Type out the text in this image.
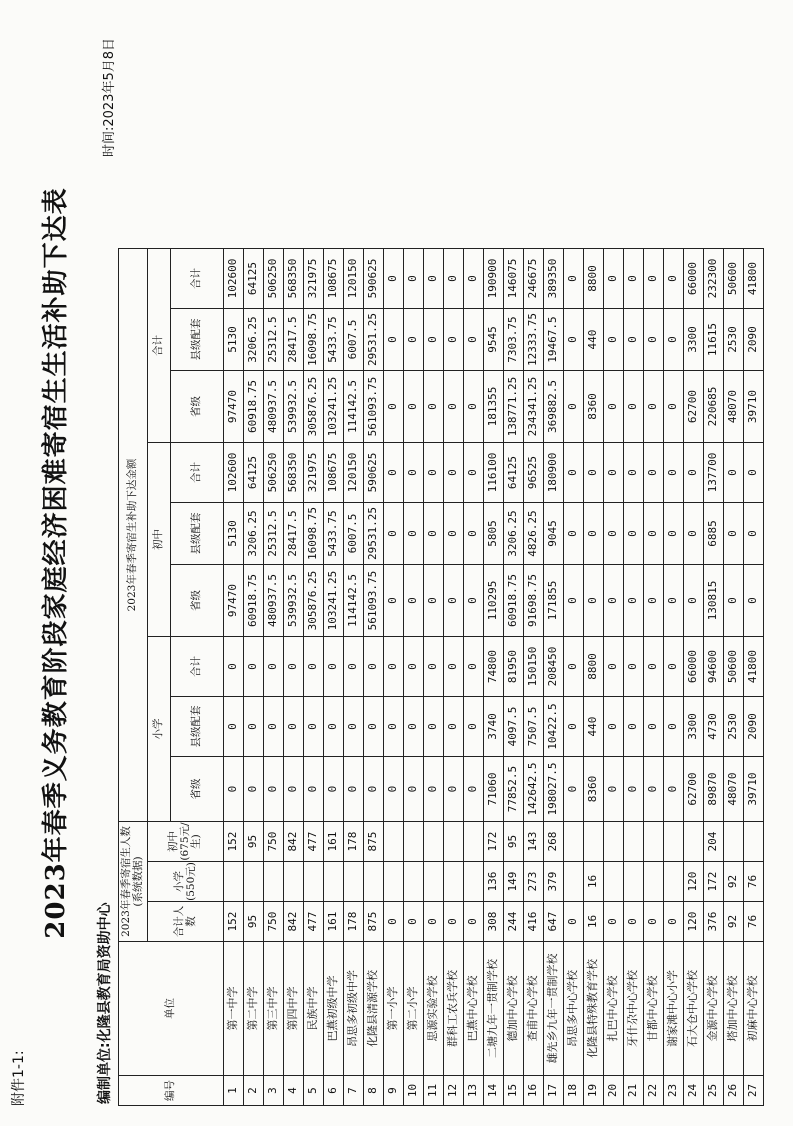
附件1-1:
2023年春季义务教育阶段家庭经济困难寄宿生生活补助下达表
编制单位:化隆县教育局资助中心
时间:2023年5月8日
编号	单位	2023年春季寄宿生人数(系统数据)			2023年春季寄宿生补助下达金额								
		合计人数	小学(550元)	初中(675元/生)	小学			初中			合计		
					省级	县级配套	合计	省级	县级配套	合计	省级	县级配套	合计
1	第一中学	152		152	0	0	0	97470	5130	102600	97470	5130	102600
2	第二中学	95		95	0	0	0	60918.75	3206.25	64125	60918.75	3206.25	64125
3	第三中学	750		750	0	0	0	480937.5	25312.5	506250	480937.5	25312.5	506250
4	第四中学	842		842	0	0	0	539932.5	28417.5	568350	539932.5	28417.5	568350
5	民族中学	477		477	0	0	0	305876.25	16098.75	321975	305876.25	16098.75	321975
6	巴燕初级中学	161		161	0	0	0	103241.25	5433.75	108675	103241.25	5433.75	108675
7	昂思多初级中学	178		178	0	0	0	114142.5	6007.5	120150	114142.5	6007.5	120150
8	化隆县清源学校	875		875	0	0	0	561093.75	29531.25	590625	561093.75	29531.25	590625
9	第一小学	0			0	0	0	0	0	0	0	0	0
10	第二小学	0			0	0	0	0	0	0	0	0	0
11	思源实验学校	0			0	0	0	0	0	0	0	0	0
12	群科工农兵学校	0			0	0	0	0	0	0	0	0	0
13	巴燕中心学校	0			0	0	0	0	0	0	0	0	0
14	二塘九年一贯制学校	308	136	172	71060	3740	74800	110295	5805	116100	181355	9545	190900
15	德加中心学校	244	149	95	77852.5	4097.5	81950	60918.75	3206.25	64125	138771.25	7303.75	146075
16	查甫中心学校	416	273	143	142642.5	7507.5	150150	91698.75	4826.25	96525	234341.25	12333.75	246675
17	雄先乡九年一贯制学校	647	379	268	198027.5	10422.5	208450	171855	9045	180900	369882.5	19467.5	389350
18	昂思多中心学校	0			0	0	0	0	0	0	0	0	0
19	化隆县特殊教育学校	16	16		8360	440	8800	0	0	0	8360	440	8800
20	扎巴中心学校	0			0	0	0	0	0	0	0	0	0
21	牙什尕中心学校	0			0	0	0	0	0	0	0	0	0
22	甘都中心学校	0			0	0	0	0	0	0	0	0	0
23	谢家滩中心小学	0			0	0	0	0	0	0	0	0	0
24	石大仓中心学校	120	120		62700	3300	66000	0	0	0	62700	3300	66000
25	金源中心学校	376	172	204	89870	4730	94600	130815	6885	137700	220685	11615	232300
26	塔加中心学校	92	92		48070	2530	50600	0	0	0	48070	2530	50600
27	初麻中心学校	76	76		39710	2090	41800	0	0	0	39710	2090	41800
